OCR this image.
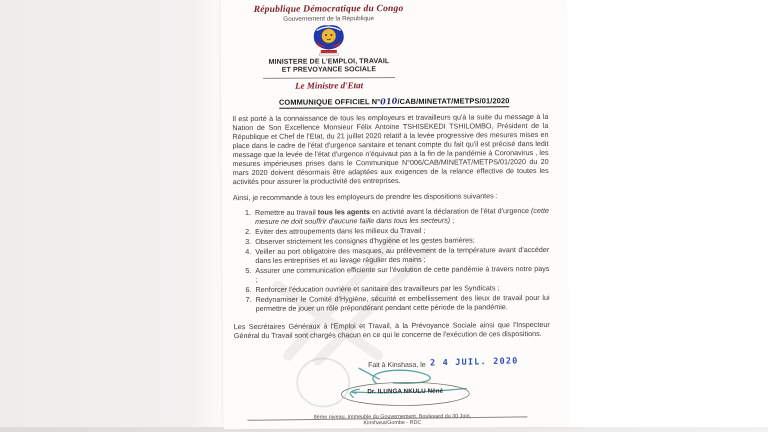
République Démocratique du Congo
Gouvernement de la République
MINISTERE DE L'EMPLOI, TRAVAIL
ET PREVOYANCE SOCIALE
Le Ministre d'Etat
COMMUNIQUE OFFICIEL N°010/CAB/MINETAT/METPS/01/2020

Il est porté à la connaissance de tous les employeurs et travailleurs qu'à la suite du message à la Nation de Son Excellence Monsieur Félix Antoine TSHISEKEDI TSHILOMBO, Président de la République et Chef de l'Etat, du 21 juillet 2020 relatif à la levée progressive des mesures mises en place dans le cadre de l'état d'urgence sanitaire et tenant compte du fait qu'il est précisé dans ledit message que la levée de l'état d'urgence n'équivaut pas à la fin de la pandémie à Coronavirus , les mesures impérieuses prises dans le Communique N°006/CAB/MINETAT/METPS/01/2020 du 20 mars 2020 doivent désormais être adaptées aux exigences de la relance effective de toutes les activités pour assurer la productivité des entreprises.

Ainsi, je recommande à tous les employeurs de prendre les dispositions suivantes :

1. Remettre au travail tous les agents en activité avant la déclaration de l'état d'urgence (cette mesure ne doit souffrir d'aucune faille dans tous les secteurs) ;
2. Eviter des attroupements dans les milieux du Travail ;
3. Observer strictement les consignes d'hygiène et les gestes barrières;
4. Veiller au port obligatoire des masques, au prélèvement de la température avant d'accéder dans les entreprises et au lavage régulier des mains ;
5. Assurer une communication efficiente sur l'évolution de cette pandémie à travers notre pays ;
6. Renforcer l'éducation ouvrière et sanitaire des travailleurs par les Syndicats ;
7. Redynamiser le Comité d'Hygiène, sécurité et embellissement des lieux de travail pour lui permettre de jouer un rôle prépondérant pendant cette période de la pandémie.

Les Secrétaires Généraux à l'Emploi et Travail, à la Prévoyance Sociale ainsi que l'Inspecteur Général du Travail sont chargés chacun en ce qui le concerne de l'exécution de ces dispositions.

Fait à Kinshasa, le 2 4 JUIL. 2020
Dr. ILUNGA NKULU Néné
8ème niveau, Immeuble du Gouvernement, Boulevard du 30 Juin,
Kinshasa/Gombe - RDC
